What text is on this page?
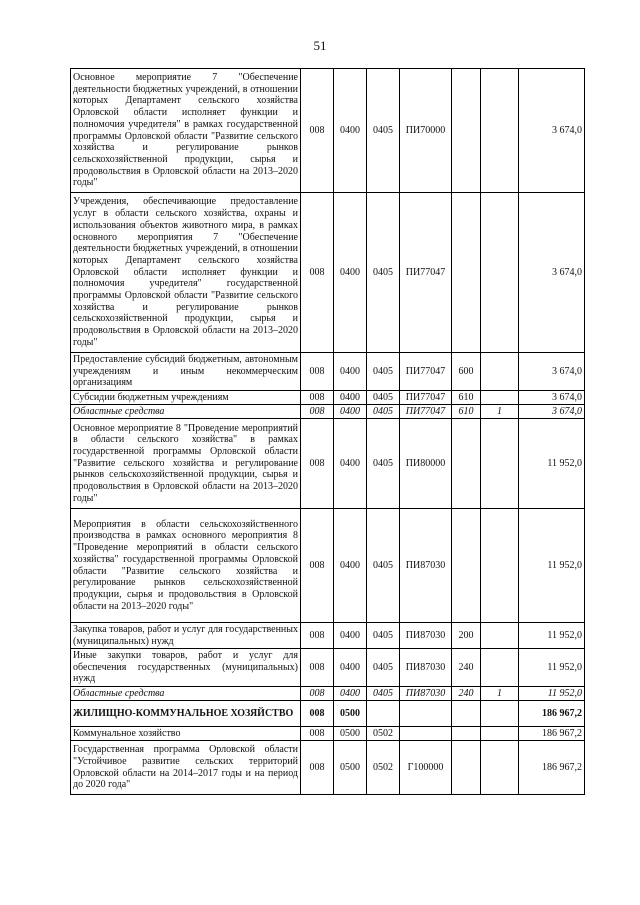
51
Основное мероприятие 7 "Обеспечение деятельности бюджетных учреждений, в отношении которых Департамент сельского хозяйства Орловской области исполняет функции и полномочия учредителя" в рамках государственной программы Орловской области "Развитие сельского хозяйства и регулирование рынков сельскохозяйственной продукции, сырья и продовольствия в Орловской области на 2013–2020 годы"	008	0400	0405	ПИ70000			3 674,0
Учреждения, обеспечивающие предоставление услуг в области сельского хозяйства, охраны и использования объектов животного мира, в рамках основного мероприятия 7 "Обеспечение деятельности бюджетных учреждений, в отношении которых Департамент сельского хозяйства Орловской области исполняет функции и полномочия учредителя" государственной программы Орловской области "Развитие сельского хозяйства и регулирование рынков сельскохозяйственной продукции, сырья и продовольствия в Орловской области на 2013–2020 годы"	008	0400	0405	ПИ77047			3 674,0
Предоставление субсидий бюджетным, автономным учреждениям и иным некоммерческим организациям	008	0400	0405	ПИ77047	600		3 674,0
Субсидии бюджетным учреждениям	008	0400	0405	ПИ77047	610		3 674,0
Областные средства	008	0400	0405	ПИ77047	610	1	3 674,0
Основное мероприятие 8 "Проведение мероприятий в области сельского хозяйства" в рамках государственной программы Орловской области "Развитие сельского хозяйства и регулирование рынков сельскохозяйственной продукции, сырья и продовольствия в Орловской области на 2013–2020 годы"	008	0400	0405	ПИ80000			11 952,0
Мероприятия в области сельскохозяйственного производства в рамках основного мероприятия 8 "Проведение мероприятий в области сельского хозяйства" государственной программы Орловской области "Развитие сельского хозяйства и регулирование рынков сельскохозяйственной продукции, сырья и продовольствия в Орловской области на 2013–2020 годы"	008	0400	0405	ПИ87030			11 952,0
Закупка товаров, работ и услуг для государственных (муниципальных) нужд	008	0400	0405	ПИ87030	200		11 952,0
Иные закупки товаров, работ и услуг для обеспечения государственных (муниципальных) нужд	008	0400	0405	ПИ87030	240		11 952,0
Областные средства	008	0400	0405	ПИ87030	240	1	11 952,0
ЖИЛИЩНО-КОММУНАЛЬНОЕ ХОЗЯЙСТВО	008	0500					186 967,2
Коммунальное хозяйство	008	0500	0502				186 967,2
Государственная программа Орловской области "Устойчивое развитие сельских территорий Орловской области на 2014–2017 годы и на период до 2020 года"	008	0500	0502	Г100000			186 967,2
